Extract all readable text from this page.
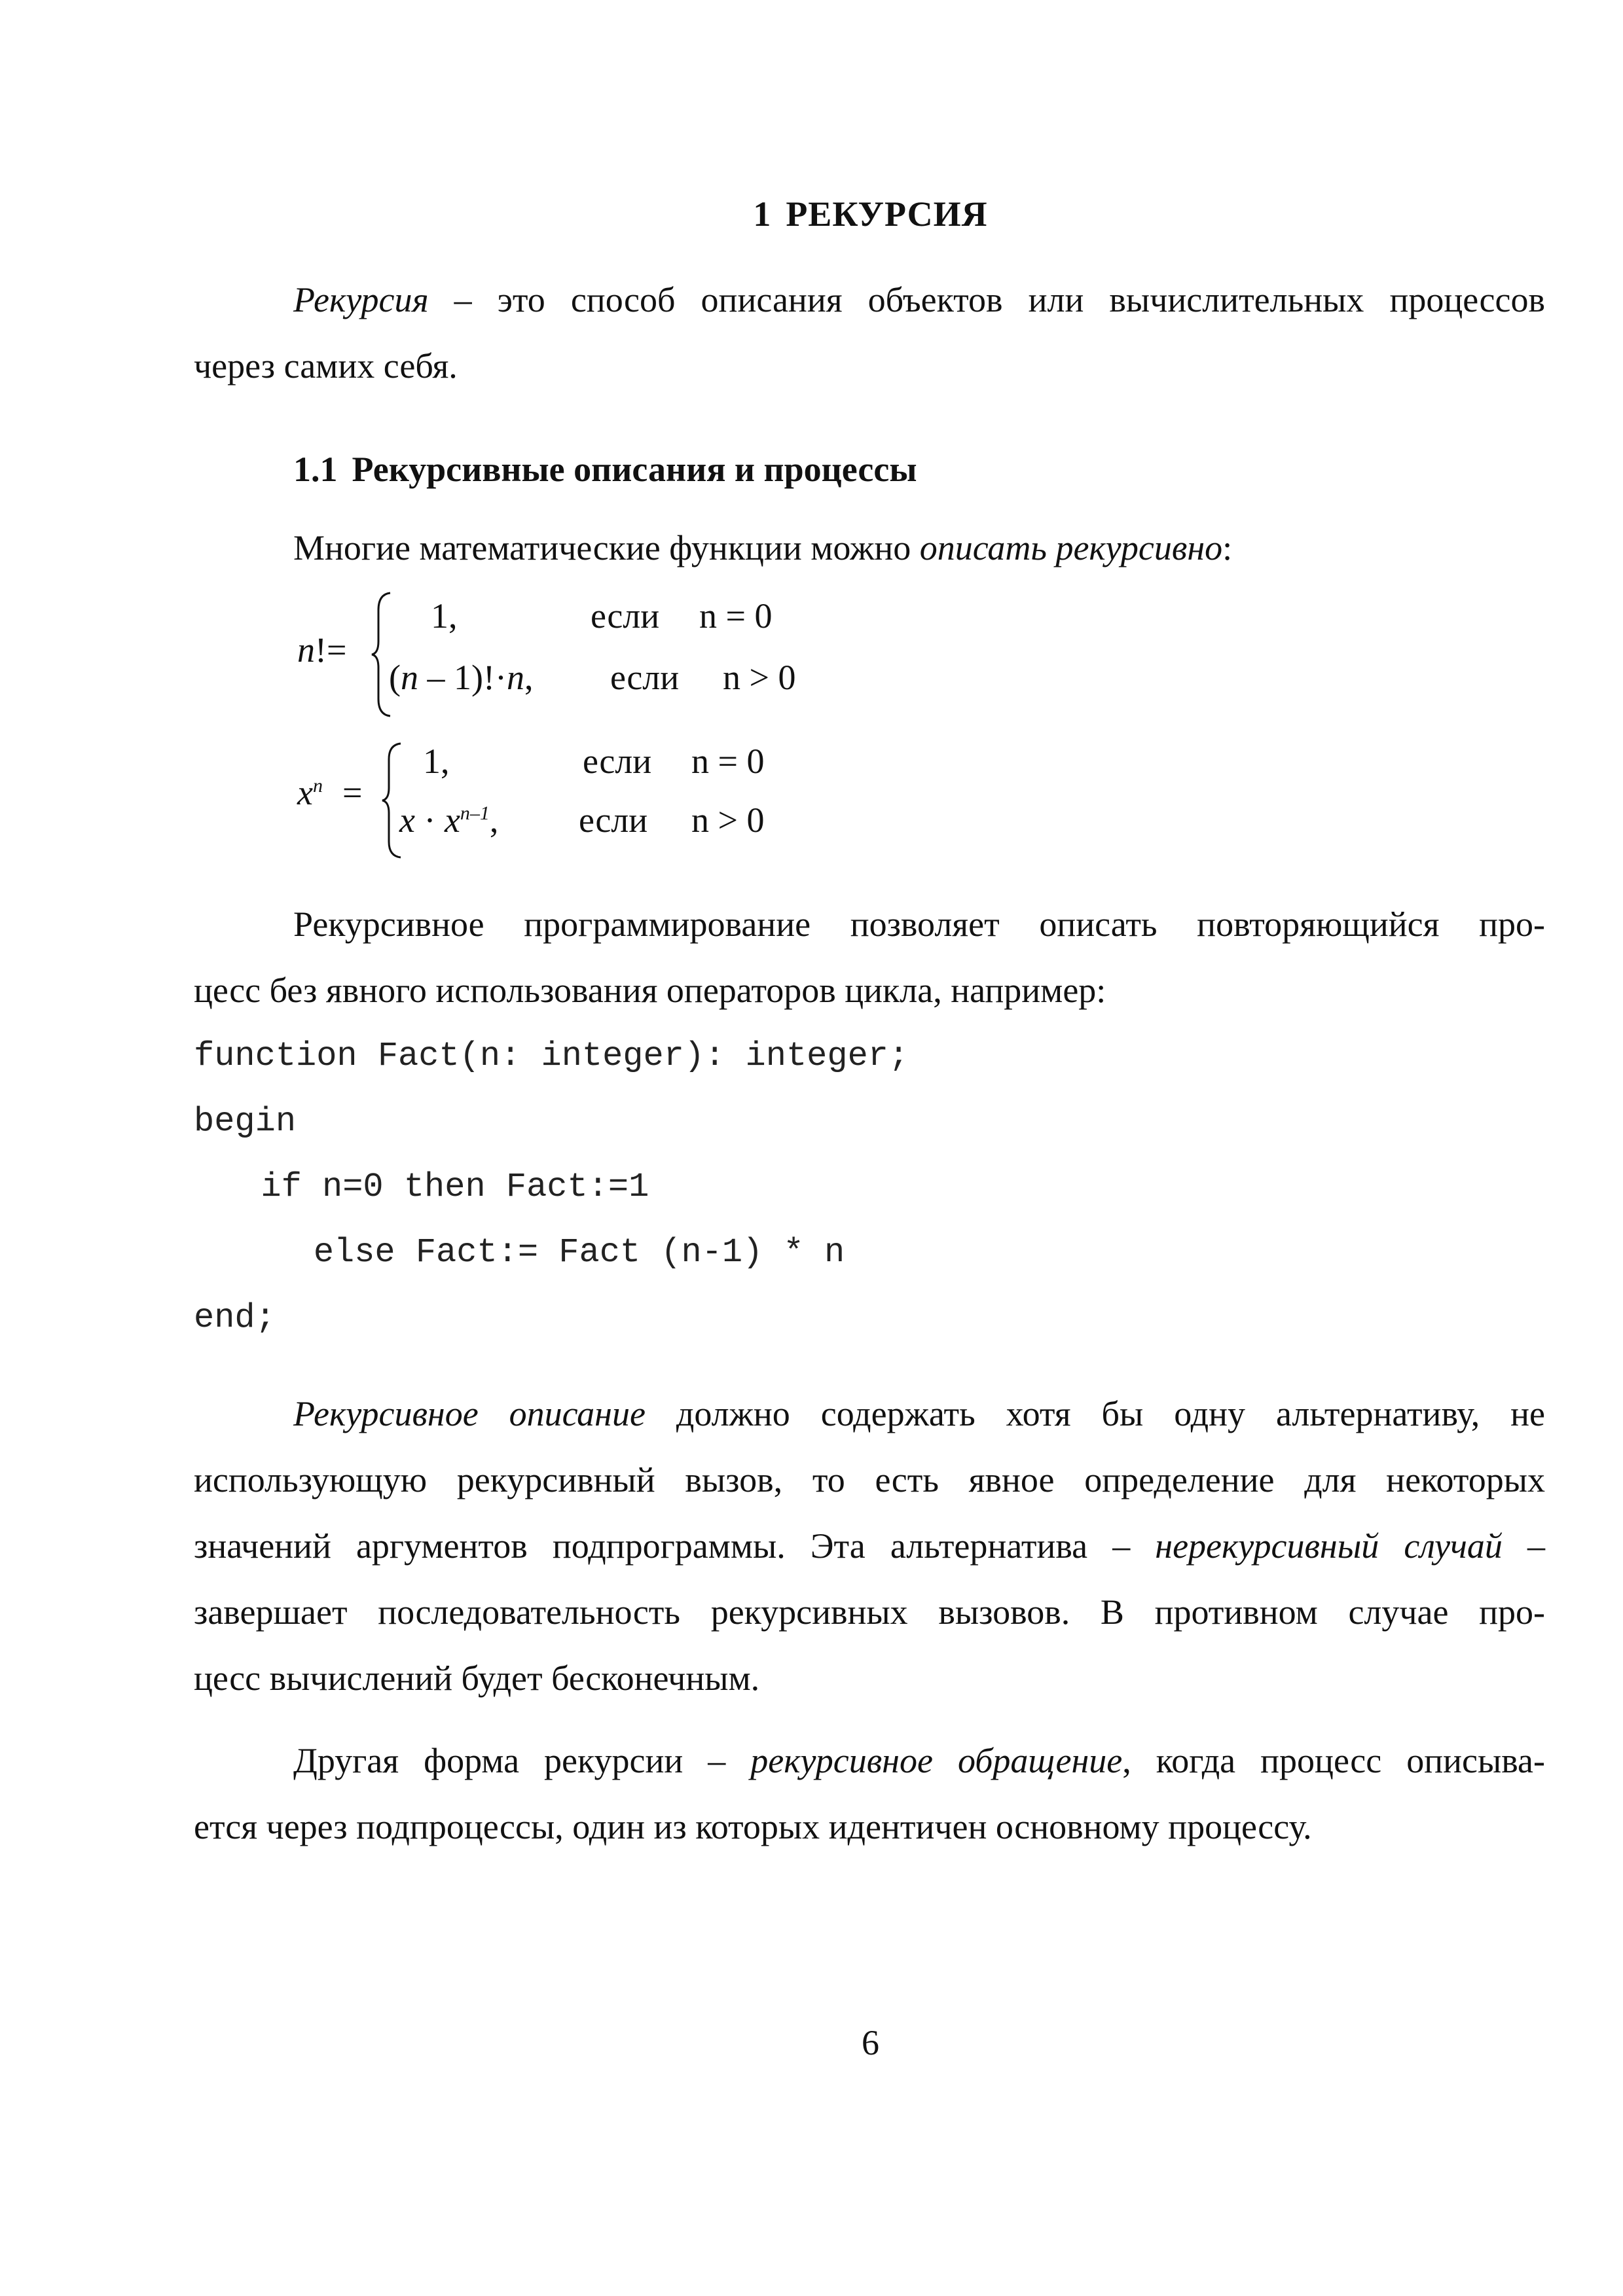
1 РЕКУРСИЯ
Рекурсия – это способ описания объектов или вычислительных процессов
через самих себя.
1.1 Рекурсивные описания и процессы
Многие математические функции можно описать рекурсивно:
n!=
1,	если n = 0
(n – 1)!·n, если n > 0
$x^n$ =
1,	если n = 0
$x \cdot x^{n-1}$, если n > 0
Рекурсивное программирование позволяет описать повторяющийся про-
цесс без явного использования операторов цикла, например:
function Fact(n: integer): integer;
begin
if n=0 then Fact:=1
else Fact:= Fact (n-1) * n
end;
Рекурсивное описание должно содержать хотя бы одну альтернативу, не
использующую рекурсивный вызов, то есть явное определение для некоторых
значений аргументов подпрограммы. Эта альтернатива – нерекурсивный случай –
завершает последовательность рекурсивных вызовов. В противном случае про-
цесс вычислений будет бесконечным.
Другая форма рекурсии – рекурсивное обращение, когда процесс описыва-
ется через подпроцессы, один из которых идентичен основному процессу.
6
